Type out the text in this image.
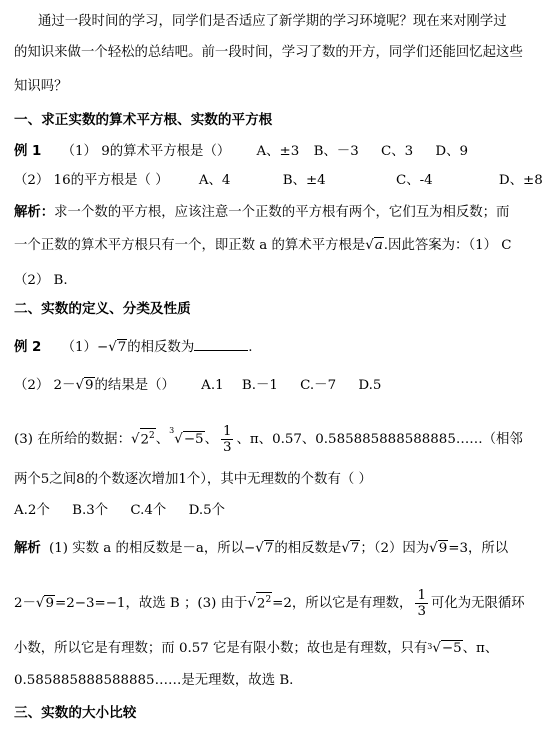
通过一段时间的学习，同学们是否适应了新学期的学习环境呢？现在来对刚学过
的知识来做一个轻松的总结吧。前一段时间，学习了数的开方，同学们还能回忆起这些
知识吗？
一、求正实数的算术平方根、实数的平方根
例 1 （1） 9的算术平方根是（） A、±3 B、－3 C、3 D、9
（2） 16的平方根是（ ） A、4	B、±4	C、-4	D、±8
解析：求一个数的平方根，应该注意一个正数的平方根有两个，它们互为相反数；而
一个正数的算术平方根只有一个，即正数 a 的算术平方根是√a.因此答案为：（1） C
（2） B.
二、实数的定义、分类及性质
例 2 （1）−√7的相反数为	.
（2） 2－√9的结果是（） A.1 B.－1 C.－7 D.5
(3) 在所给的数据：$√2^2$、$^3$√−5、 $\frac{1}{3}$ 、π、0.57、0.585885888588885……（相邻
两个5之间8的个数逐次增加1个），其中无理数的个数有（ ）
A.2个 B.3个 C.4个 D.5个
解析 (1) 实数 a 的相反数是－a，所以−√7的相反数是√7；（2）因为√9=3，所以
2－√9=2−3=−1，故选 B ；(3) 由于$√2^2=2$，所以它是有理数， $\frac{1}{3}$ 可化为无限循环
小数，所以它是有理数；而 0.57 它是有限小数；故也是有理数，只有$^3$√−5、π、
0.585885888588885……是无理数，故选 B.
三、实数的大小比较
